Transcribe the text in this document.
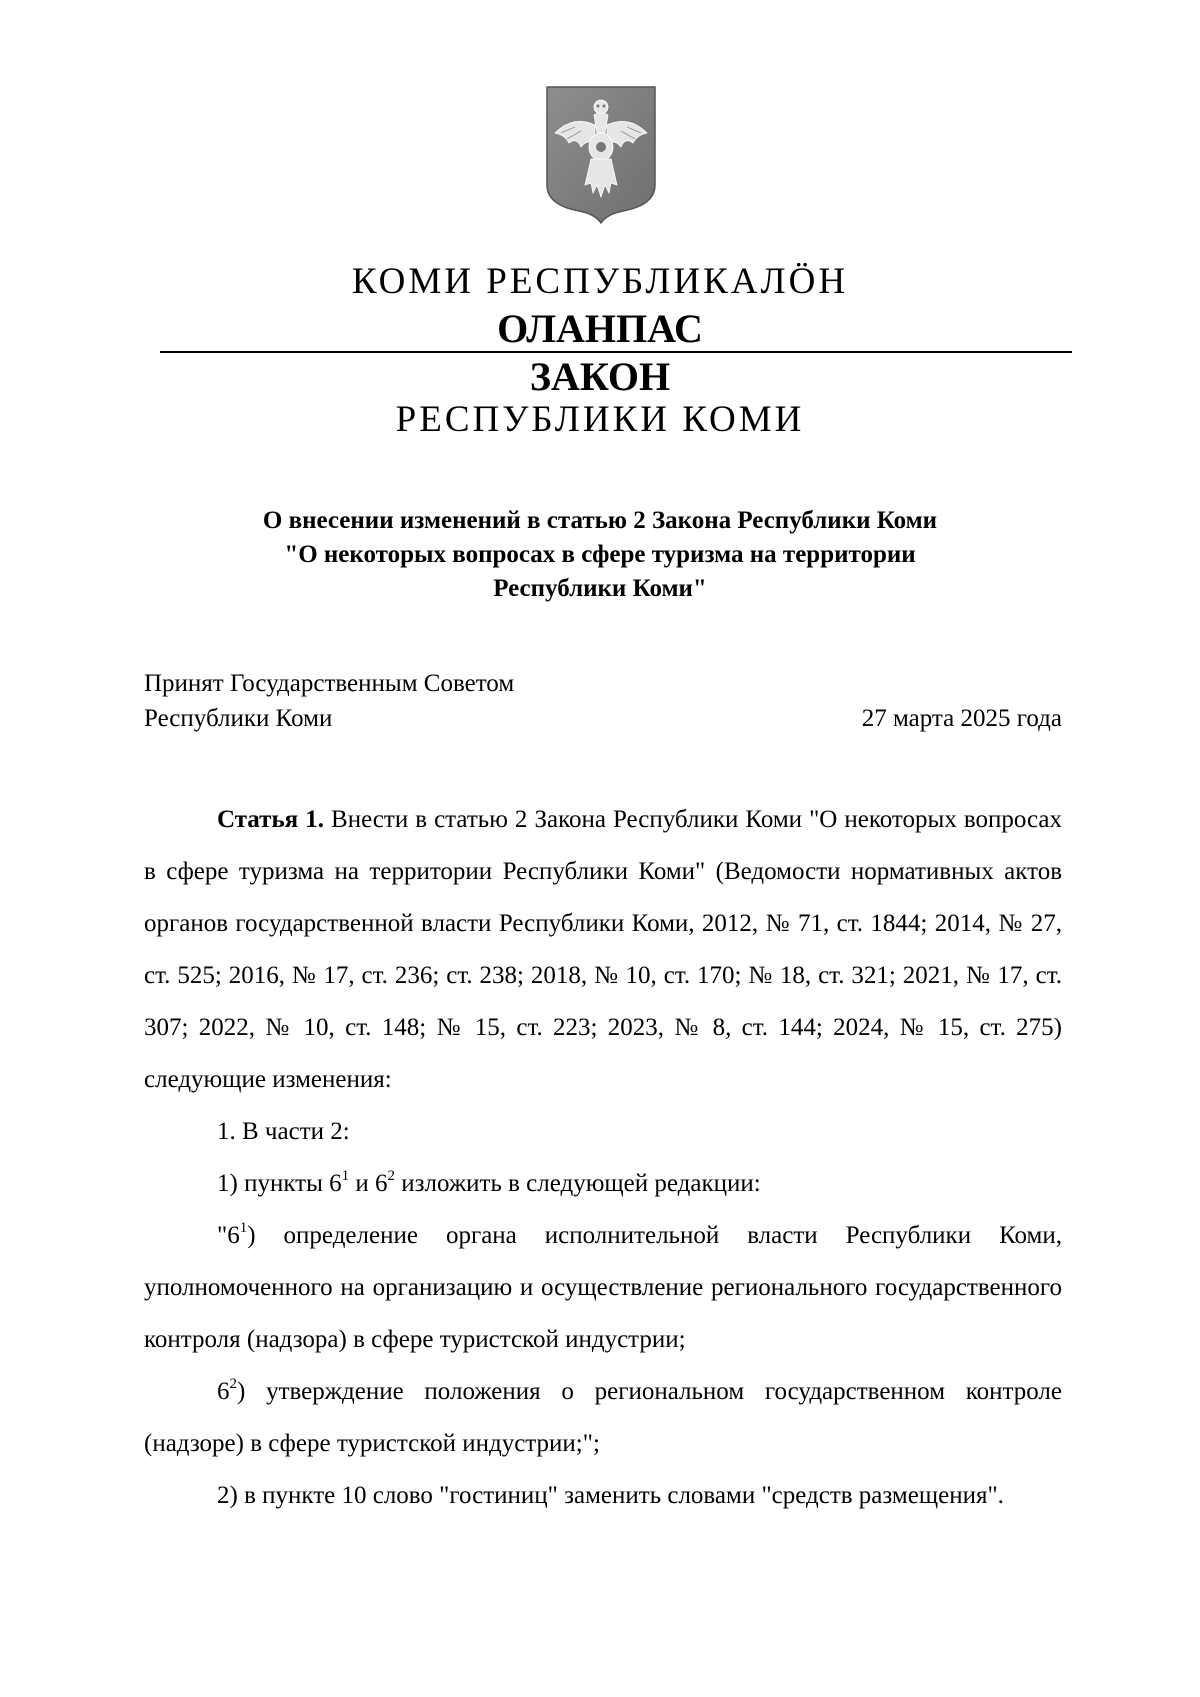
КОМИ РЕСПУБЛИКАЛÖН
ОЛАНПАС
ЗАКОН
РЕСПУБЛИКИ КОМИ
О внесении изменений в статью 2 Закона Республики Коми
"О некоторых вопросах в сфере туризма на территории
Республики Коми"
Принят Государственным Советом
Республики Коми	27 марта 2025 года

Статья 1. Внести в статью 2 Закона Республики Коми "О некоторых вопросах в сфере туризма на территории Республики Коми" (Ведомости нормативных актов органов государственной власти Республики Коми, 2012, № 71, ст. 1844; 2014, № 27, ст. 525; 2016, № 17, ст. 236; ст. 238; 2018, № 10, ст. 170; № 18, ст. 321; 2021, № 17, ст. 307; 2022, № 10, ст. 148; № 15, ст. 223; 2023, № 8, ст. 144; 2024, № 15, ст. 275) следующие изменения:

1. В части 2:

1) пункты $6^1$ и $6^2$ изложить в следующей редакции:

"$6^1$) определение органа исполнительной власти Республики Коми, уполномоченного на организацию и осуществление регионального государственного контроля (надзора) в сфере туристской индустрии;

$6^2$) утверждение положения о региональном государственном контроле (надзоре) в сфере туристской индустрии;";

2) в пункте 10 слово "гостиниц" заменить словами "средств размещения".
